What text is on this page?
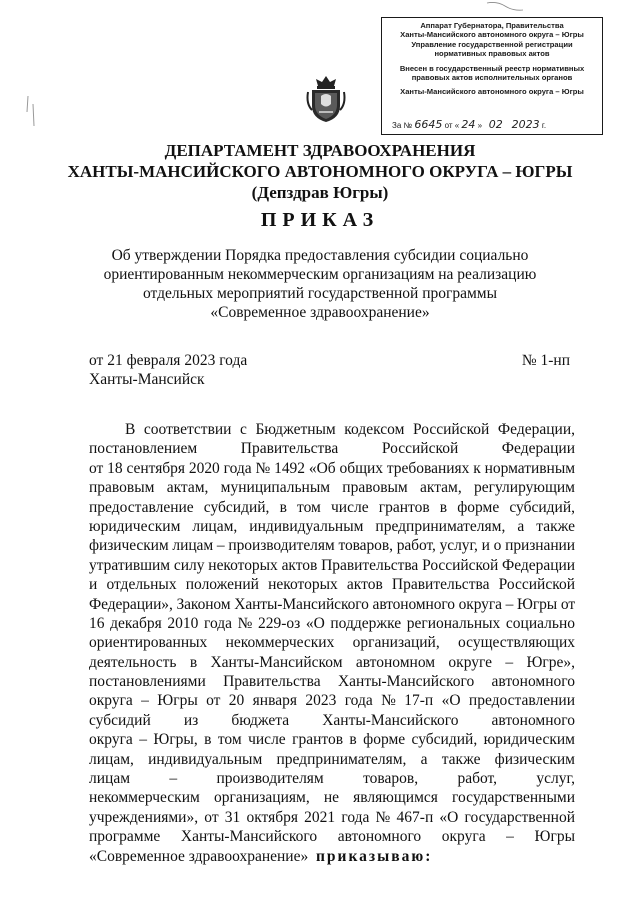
Аппарат Губернатора, Правительства
Ханты-Мансийского автономного округа – Югры
Управление государственной регистрации
нормативных правовых актов
Внесен в государственный реестр нормативных
правовых актов исполнительных органов
Ханты-Мансийского автономного округа – Югры
За № 6645 от « 24 » 02 2023 г.
ДЕПАРТАМЕНТ ЗДРАВООХРАНЕНИЯ
ХАНТЫ-МАНСИЙСКОГО АВТОНОМНОГО ОКРУГА – ЮГРЫ
(Депздрав Югры)
ПРИКАЗ
Об утверждении Порядка предоставления субсидии социально
ориентированным некоммерческим организациям на реализацию
отдельных мероприятий государственной программы
«Современное здравоохранение»
от 21 февраля 2023 года	№ 1-нп
Ханты-Мансийск
В соответствии с Бюджетным кодексом Российской Федерации,
постановлением Правительства Российской Федерации
от 18 сентября 2020 года № 1492 «Об общих требованиях к нормативным
правовым актам, муниципальным правовым актам, регулирующим
предоставление субсидий, в том числе грантов в форме субсидий,
юридическим лицам, индивидуальным предпринимателям, а также
физическим лицам – производителям товаров, работ, услуг, и о признании
утратившим силу некоторых актов Правительства Российской Федерации
и отдельных положений некоторых актов Правительства Российской
Федерации», Законом Ханты-Мансийского автономного округа – Югры от
16 декабря 2010 года № 229-оз «О поддержке региональных социально
ориентированных некоммерческих организаций, осуществляющих
деятельность в Ханты-Мансийском автономном округе – Югре»,
постановлениями Правительства Ханты-Мансийского автономного
округа – Югры от 20 января 2023 года № 17-п «О предоставлении
субсидий из бюджета Ханты-Мансийского автономного
округа – Югры, в том числе грантов в форме субсидий, юридическим
лицам, индивидуальным предпринимателям, а также физическим
лицам – производителям товаров, работ, услуг,
некоммерческим организациям, не являющимся государственными
учреждениями», от 31 октября 2021 года № 467-п «О государственной
программе Ханты-Мансийского автономного округа – Югры
«Современное здравоохранение» приказываю:
